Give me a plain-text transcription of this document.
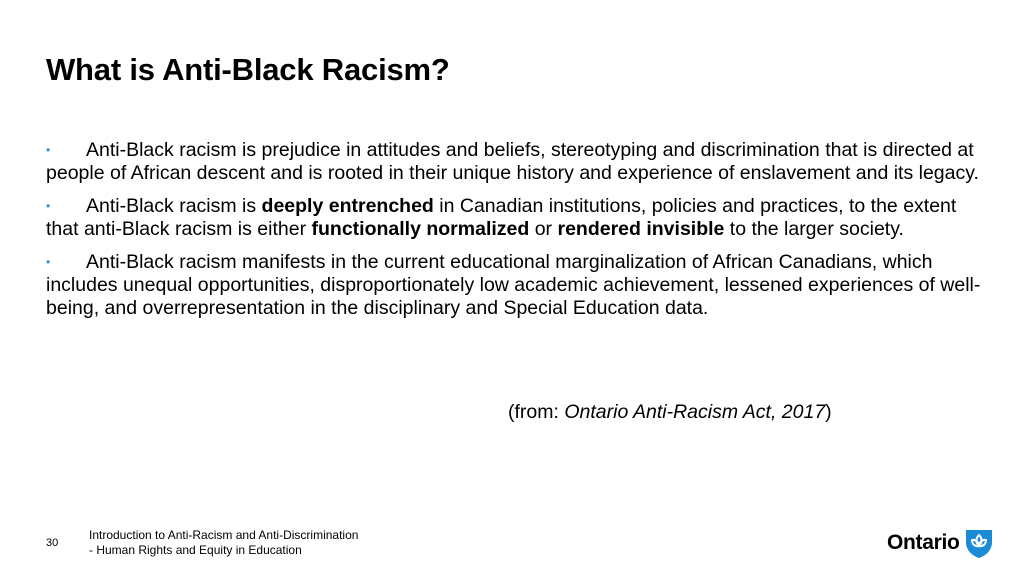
What is Anti-Black Racism?

• Anti-Black racism is prejudice in attitudes and beliefs, stereotyping and discrimination that is directed at people of African descent and is rooted in their unique history and experience of enslavement and its legacy.

• Anti-Black racism is deeply entrenched in Canadian institutions, policies and practices, to the extent that anti-Black racism is either functionally normalized or rendered invisible to the larger society.

• Anti-Black racism manifests in the current educational marginalization of African Canadians, which includes unequal opportunities, disproportionately low academic achievement, lessened experiences of well-being, and overrepresentation in the disciplinary and Special Education data.

(from: Ontario Anti-Racism Act, 2017)
30
Introduction to Anti-Racism and Anti-Discrimination
- Human Rights and Equity in Education	Ontario
